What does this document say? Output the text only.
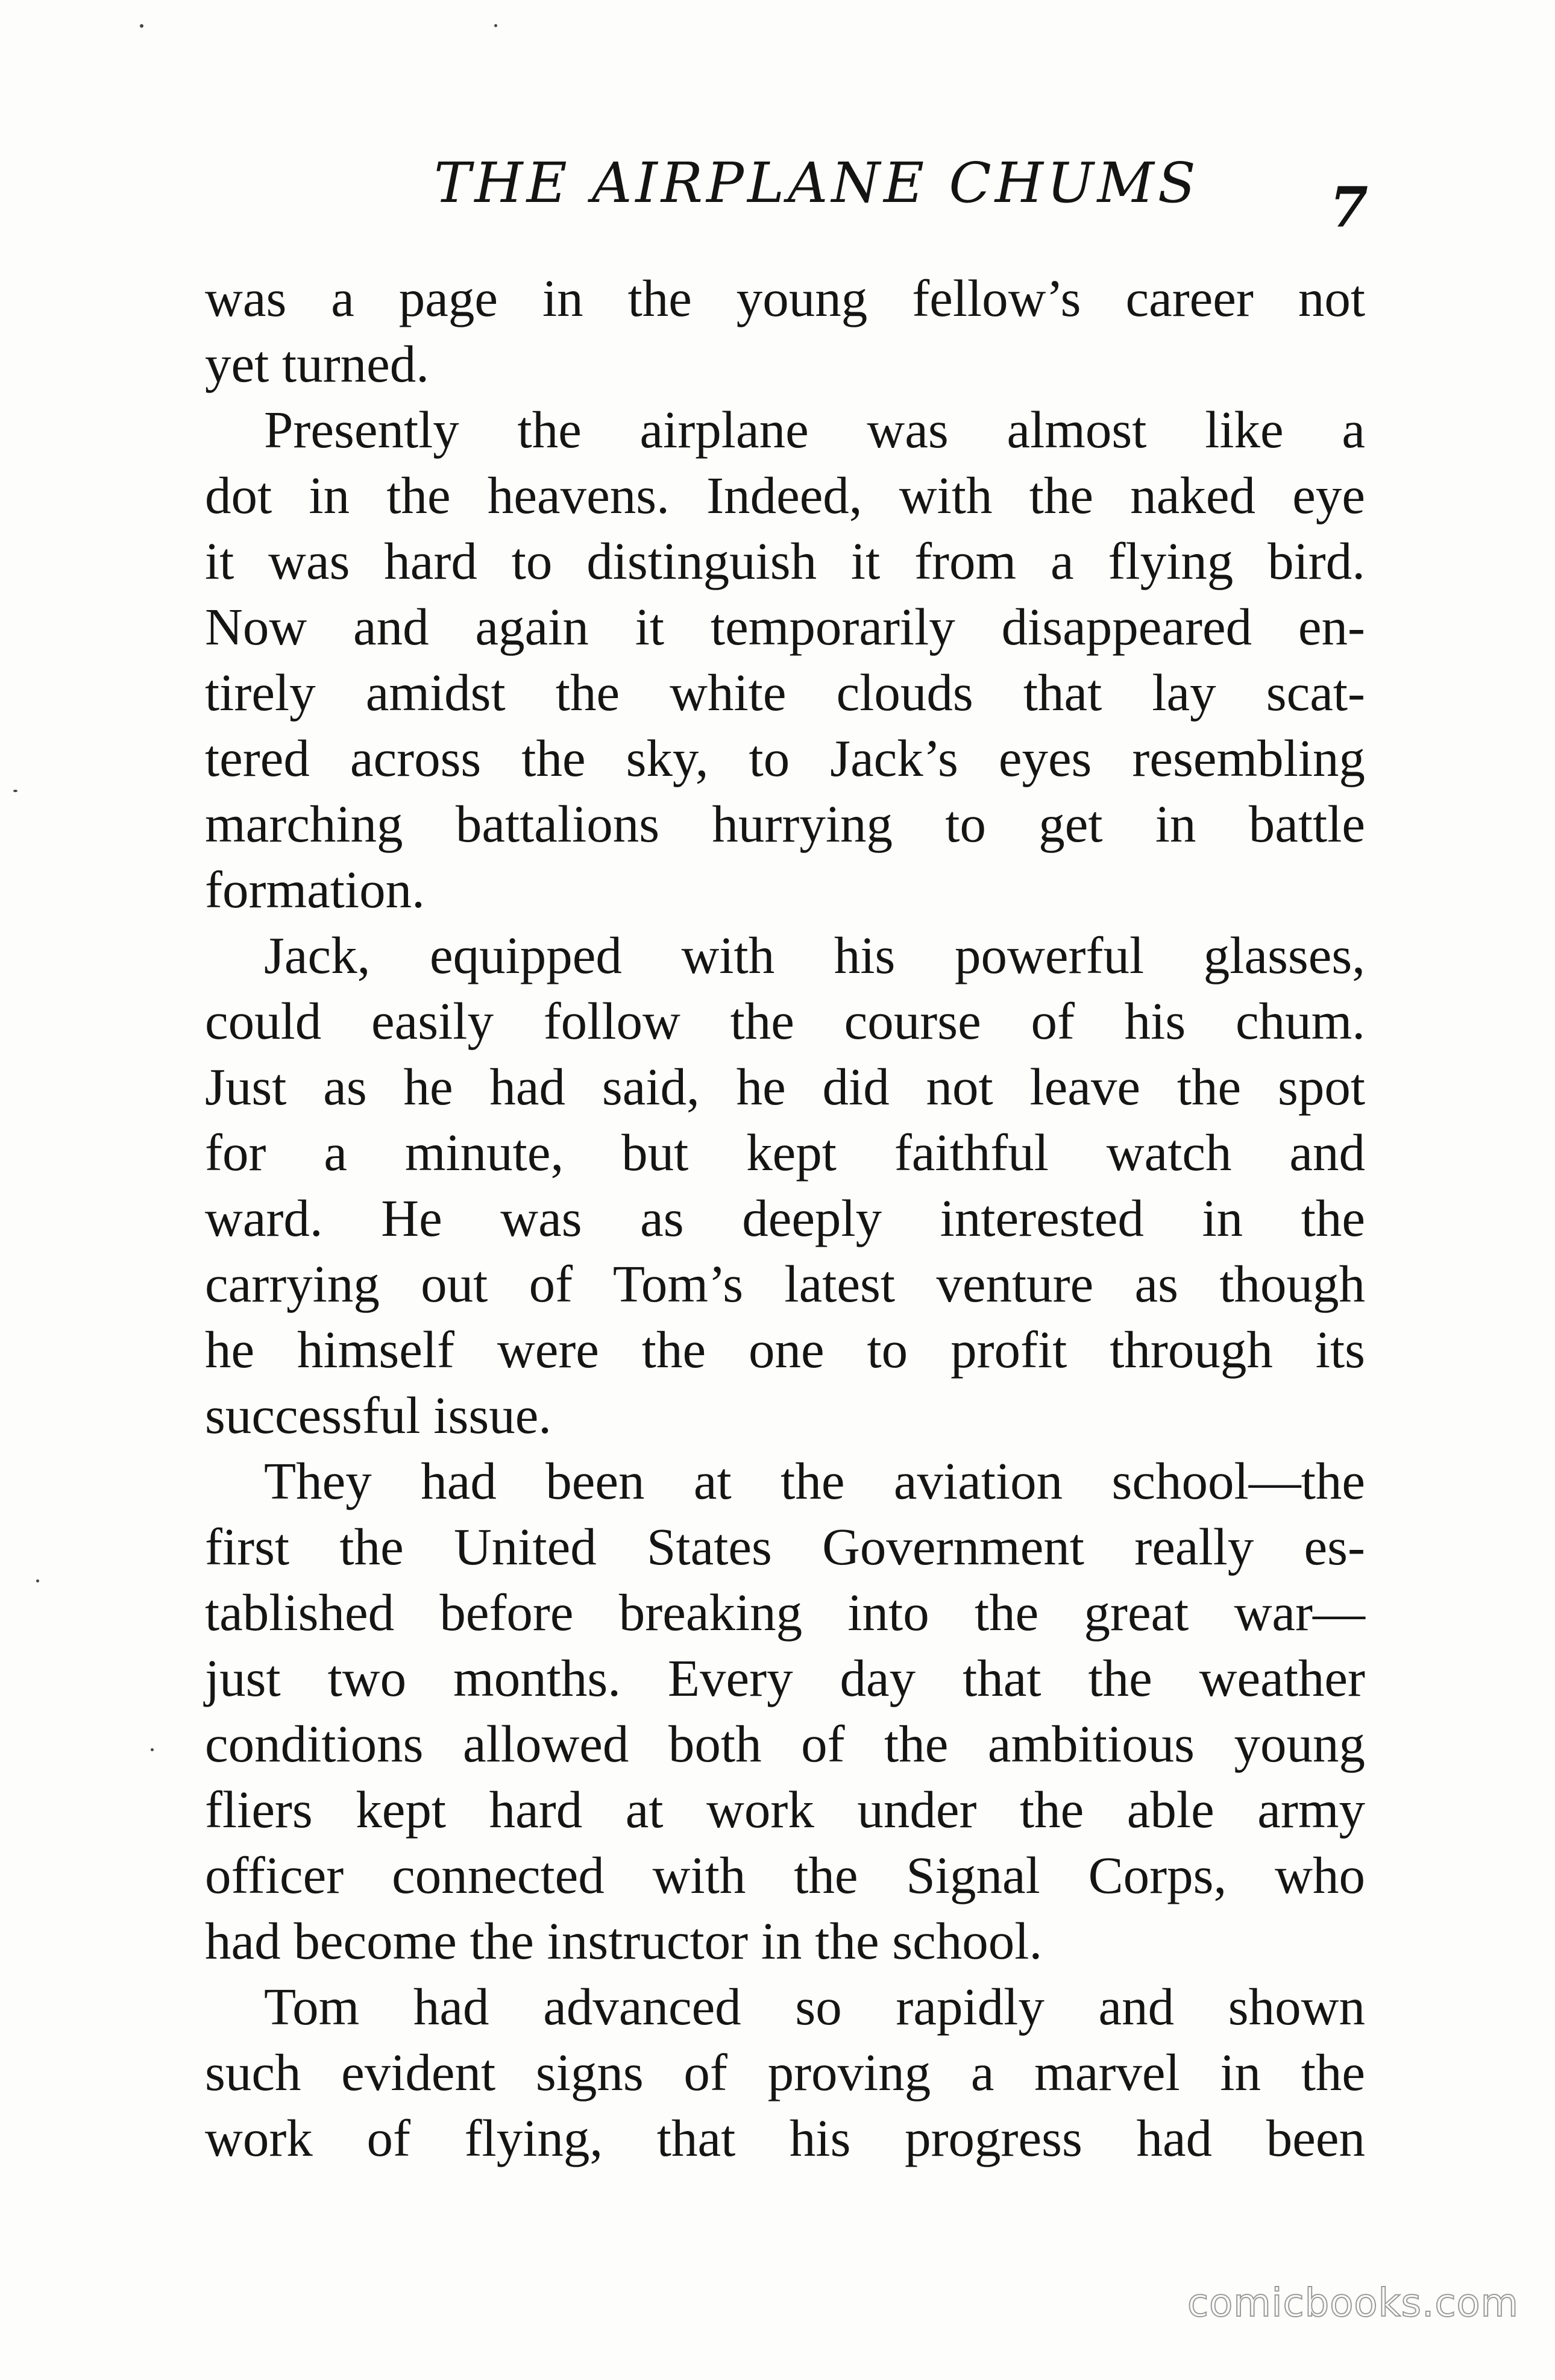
THE AIRPLANE CHUMS 7
was a page in the young fellow’s career not
yet turned.
Presently the airplane was almost like a
dot in the heavens. Indeed, with the naked eye
it was hard to distinguish it from a flying bird.
Now and again it temporarily disappeared en-
tirely amidst the white clouds that lay scat-
tered across the sky, to Jack’s eyes resembling
marching battalions hurrying to get in battle
formation.
Jack, equipped with his powerful glasses,
could easily follow the course of his chum.
Just as he had said, he did not leave the spot
for a minute, but kept faithful watch and
ward. He was as deeply interested in the
carrying out of Tom’s latest venture as though
he himself were the one to profit through its
successful issue.
They had been at the aviation school—the
first the United States Government really es-
tablished before breaking into the great war—
just two months. Every day that the weather
conditions allowed both of the ambitious young
fliers kept hard at work under the able army
officer connected with the Signal Corps, who
had become the instructor in the school.
Tom had advanced so rapidly and shown
such evident signs of proving a marvel in the
work of flying, that his progress had been
comicbooks.com
